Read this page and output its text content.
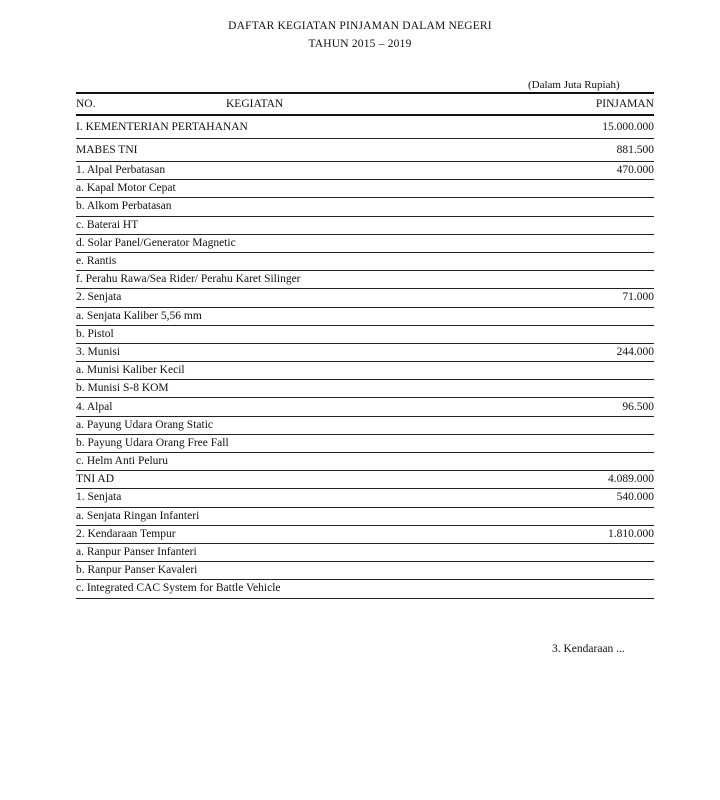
DAFTAR KEGIATAN PINJAMAN DALAM NEGERI
TAHUN 2015 – 2019
(Dalam Juta Rupiah)
NO.	KEGIATAN	PINJAMAN
I. KEMENTERIAN PERTAHANAN		15.000.000
MABES TNI		881.500
1. Alpal Perbatasan		470.000
a. Kapal Motor Cepat		
b. Alkom Perbatasan		
c. Baterai HT		
d. Solar Panel/Generator Magnetic		
e. Rantis		
f. Perahu Rawa/Sea Rider/ Perahu Karet Silinger		
2. Senjata		71.000
a. Senjata Kaliber 5,56 mm		
b. Pistol		
3. Munisi		244.000
a. Munisi Kaliber Kecil		
b. Munisi S-8 KOM		
4. Alpal		96.500
a. Payung Udara Orang Static		
b. Payung Udara Orang Free Fall		
c. Helm Anti Peluru		
TNI AD		4.089.000
1. Senjata		540.000
a. Senjata Ringan Infanteri		
2. Kendaraan Tempur		1.810.000
a. Ranpur Panser Infanteri		
b. Ranpur Panser Kavaleri		
c. Integrated CAC System for Battle Vehicle		
3. Kendaraan ...
